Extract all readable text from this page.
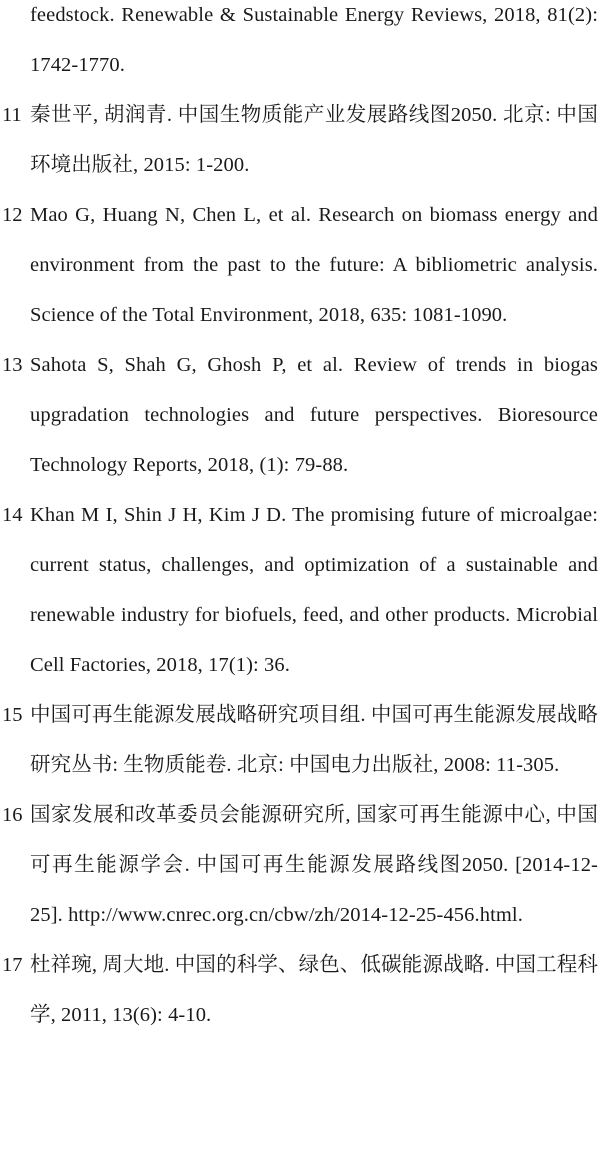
feedstock. Renewable & Sustainable Energy Reviews, 2018, 81(2): 1742-1770.
11 秦世平, 胡润青. 中国生物质能产业发展路线图2050. 北京: 中国环境出版社, 2015: 1-200.
12 Mao G, Huang N, Chen L, et al. Research on biomass energy and environment from the past to the future: A bibliometric analysis. Science of the Total Environment, 2018, 635: 1081-1090.
13 Sahota S, Shah G, Ghosh P, et al. Review of trends in biogas upgradation technologies and future perspectives. Bioresource Technology Reports, 2018, (1): 79-88.
14 Khan M I, Shin J H, Kim J D. The promising future of microalgae: current status, challenges, and optimization of a sustainable and renewable industry for biofuels, feed, and other products. Microbial Cell Factories, 2018, 17(1): 36.
15 中国可再生能源发展战略研究项目组. 中国可再生能源发展战略研究丛书: 生物质能卷. 北京: 中国电力出版社, 2008: 11-305.
16 国家发展和改革委员会能源研究所, 国家可再生能源中心, 中国可再生能源学会. 中国可再生能源发展路线图2050. [2014-12-25]. http://www.cnrec.org.cn/cbw/zh/2014-12-25-456.html.
17 杜祥琬, 周大地. 中国的科学、绿色、低碳能源战略. 中国工程科学, 2011, 13(6): 4-10.
